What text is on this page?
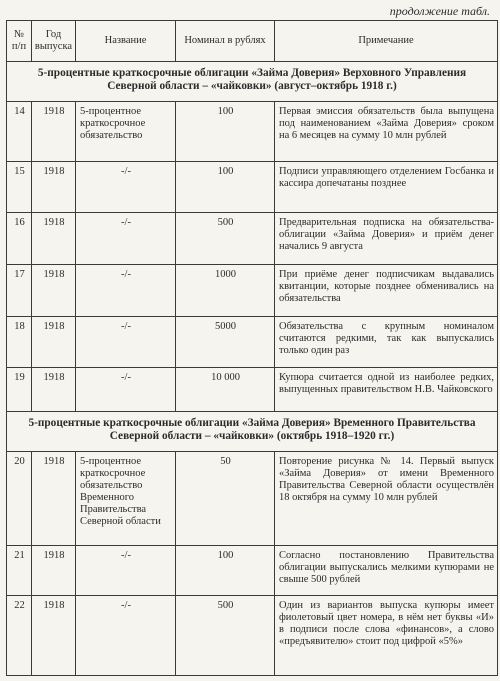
продолжение табл.
№ п/п	Год выпуска	Название	Номинал в рублях	Примечание
5-процентные краткосрочные облигации «Займа Доверия» Верховного Управления Северной области – «чайковки» (август–октябрь 1918 г.)				
14	1918	5-процентное краткосрочное обязательство	100	Первая эмиссия обязательств была выпущена под наименованием «Займа Доверия» сроком на 6 месяцев на сумму 10 млн рублей
15	1918	-/-	100	Подписи управляющего отделением Госбанка и кассира допечатаны позднее
16	1918	-/-	500	Предварительная подписка на обязательства-облигации «Займа Доверия» и приём денег начались 9 августа
17	1918	-/-	1000	При приёме денег подписчикам выдавались квитанции, которые позднее обменивались на обязательства
18	1918	-/-	5000	Обязательства с крупным номиналом считаются редкими, так как выпускались только один раз
19	1918	-/-	10 000	Купюра считается одной из наиболее редких, выпущенных правительством Н.В. Чайковского
5-процентные краткосрочные облигации «Займа Доверия» Временного Правительства Северной области – «чайковки» (октябрь 1918–1920 гг.)				
20	1918	5-процентное краткосрочное обязательство Временного Правительства Северной области	50	Повторение рисунка № 14. Первый выпуск «Займа Доверия» от имени Временного Правительства Северной области осуществлён 18 октября на сумму 10 млн рублей
21	1918	-/-	100	Согласно постановлению Правительства облигации выпускались мелкими купюрами не свыше 500 рублей
22	1918	-/-	500	Один из вариантов выпуска купюры имеет фиолетовый цвет номера, в нём нет буквы «И» в подписи после слова «финансов», а слово «предъявителю» стоит под цифрой «5%»
